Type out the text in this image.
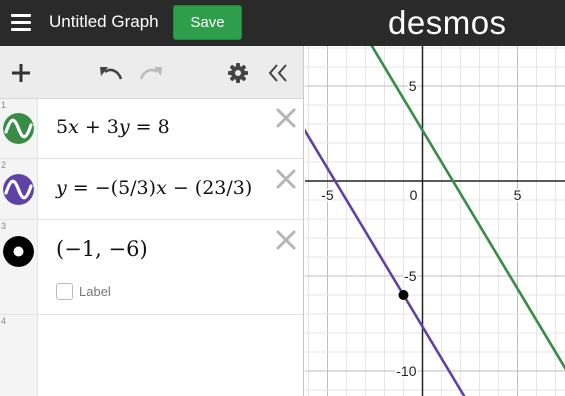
Untitled Graph	Save	desmos
1
5x + 3y = 8
2
y = −(5/3)x − (23/3)
3
(−1, −6)
Label
4
-5	0	5
5
-5
-10
